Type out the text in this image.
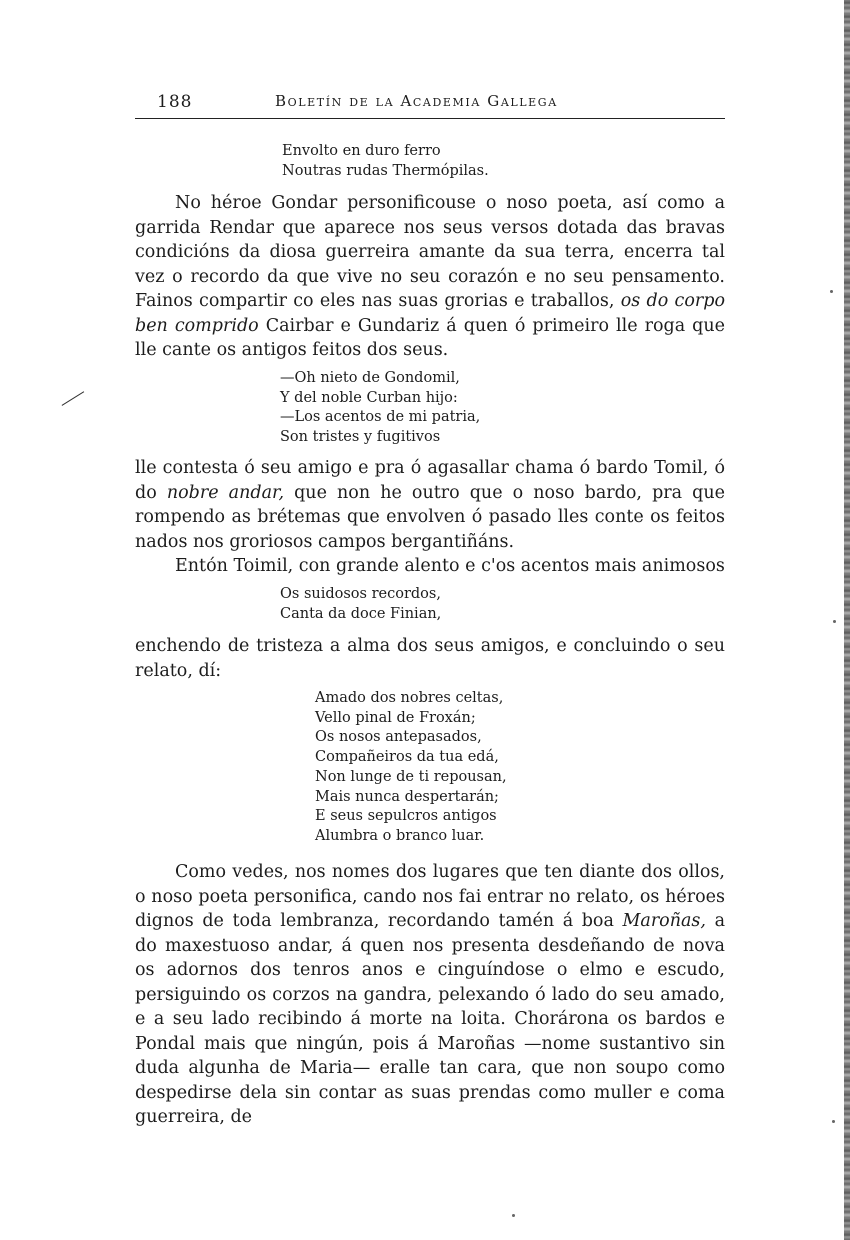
188	Boletín de la Academia Gallega
Envolto en duro ferro
Noutras rudas Thermópilas.

No héroe Gondar personificouse o noso poeta, así como a garrida Rendar que aparece nos seus versos dotada das bravas condicións da diosa guerreira amante da sua terra, encerra tal vez o recordo da que vive no seu corazón e no seu pensamento. Fainos compartir co eles nas suas grorias e traballos, os do corpo ben comprido Cairbar e Gundariz á quen ó primeiro lle roga que lle cante os antigos feitos dos seus.

—Oh nieto de Gondomil,
Y del noble Curban hijo:
—Los acentos de mi patria,
Son tristes y fugitivos

lle contesta ó seu amigo e pra ó agasallar chama ó bardo Tomil, ó do nobre andar, que non he outro que o noso bardo, pra que rompendo as brétemas que envolven ó pasado lles conte os feitos nados nos groriosos campos bergantiñáns.

Entón Toimil, con grande alento e c'os acentos mais animosos

Os suidosos recordos,
Canta da doce Finian,

enchendo de tristeza a alma dos seus amigos, e concluindo o seu relato, dí:

Amado dos nobres celtas,
Vello pinal de Froxán;
Os nosos antepasados,
Compañeiros da tua edá,
Non lunge de ti repousan,
Mais nunca despertarán;
E seus sepulcros antigos
Alumbra o branco luar.

Como vedes, nos nomes dos lugares que ten diante dos ollos, o noso poeta personifica, cando nos fai entrar no relato, os héroes dignos de toda lembranza, recordando tamén á boa Maroñas, a do maxestuoso andar, á quen nos presenta desdeñando de nova os adornos dos tenros anos e cinguíndose o elmo e escudo, persiguindo os corzos na gandra, pelexando ó lado do seu amado, e a seu lado recibindo á morte na loita. Chorárona os bardos e Pondal mais que ningún, pois á Maroñas —nome sustantivo sin duda algunha de Maria— eralle tan cara, que non soupo como despedirse dela sin contar as suas prendas como muller e coma guerreira, de
